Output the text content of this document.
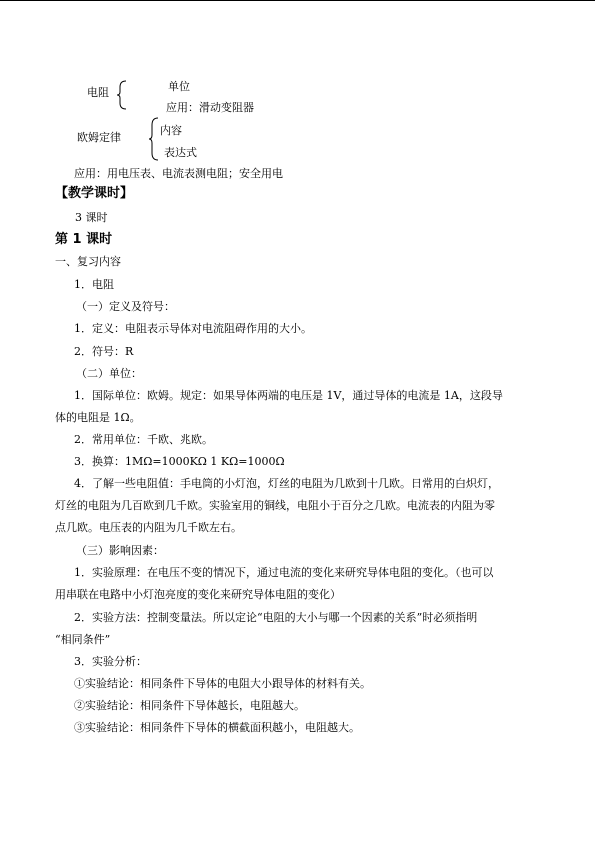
电阻	单位
应用：滑动变阻器
欧姆定律
内容
表达式
应用：用电压表、电流表测电阻；安全用电
【教学课时】
3 课时
第 1 课时
一、复习内容
1．电阻
（一）定义及符号：
1．定义：电阻表示导体对电流阻碍作用的大小。
2．符号：R
（二）单位：
1．国际单位：欧姆。规定：如果导体两端的电压是 1V，通过导体的电流是 1A，这段导
体的电阻是 1Ω。
2．常用单位：千欧、兆欧。
3．换算：1MΩ=1000KΩ 1 KΩ=1000Ω
4．了解一些电阻值：手电筒的小灯泡，灯丝的电阻为几欧到十几欧。日常用的白炽灯，
灯丝的电阻为几百欧到几千欧。实验室用的铜线，电阻小于百分之几欧。电流表的内阻为零
点几欧。电压表的内阻为几千欧左右。
（三）影响因素：
1．实验原理：在电压不变的情况下，通过电流的变化来研究导体电阻的变化。（也可以
用串联在电路中小灯泡亮度的变化来研究导体电阻的变化）
2．实验方法：控制变量法。所以定论“电阻的大小与哪一个因素的关系”时必须指明
“相同条件”
3．实验分析：
①实验结论：相同条件下导体的电阻大小跟导体的材料有关。
②实验结论：相同条件下导体越长，电阻越大。
③实验结论：相同条件下导体的横截面积越小，电阻越大。
